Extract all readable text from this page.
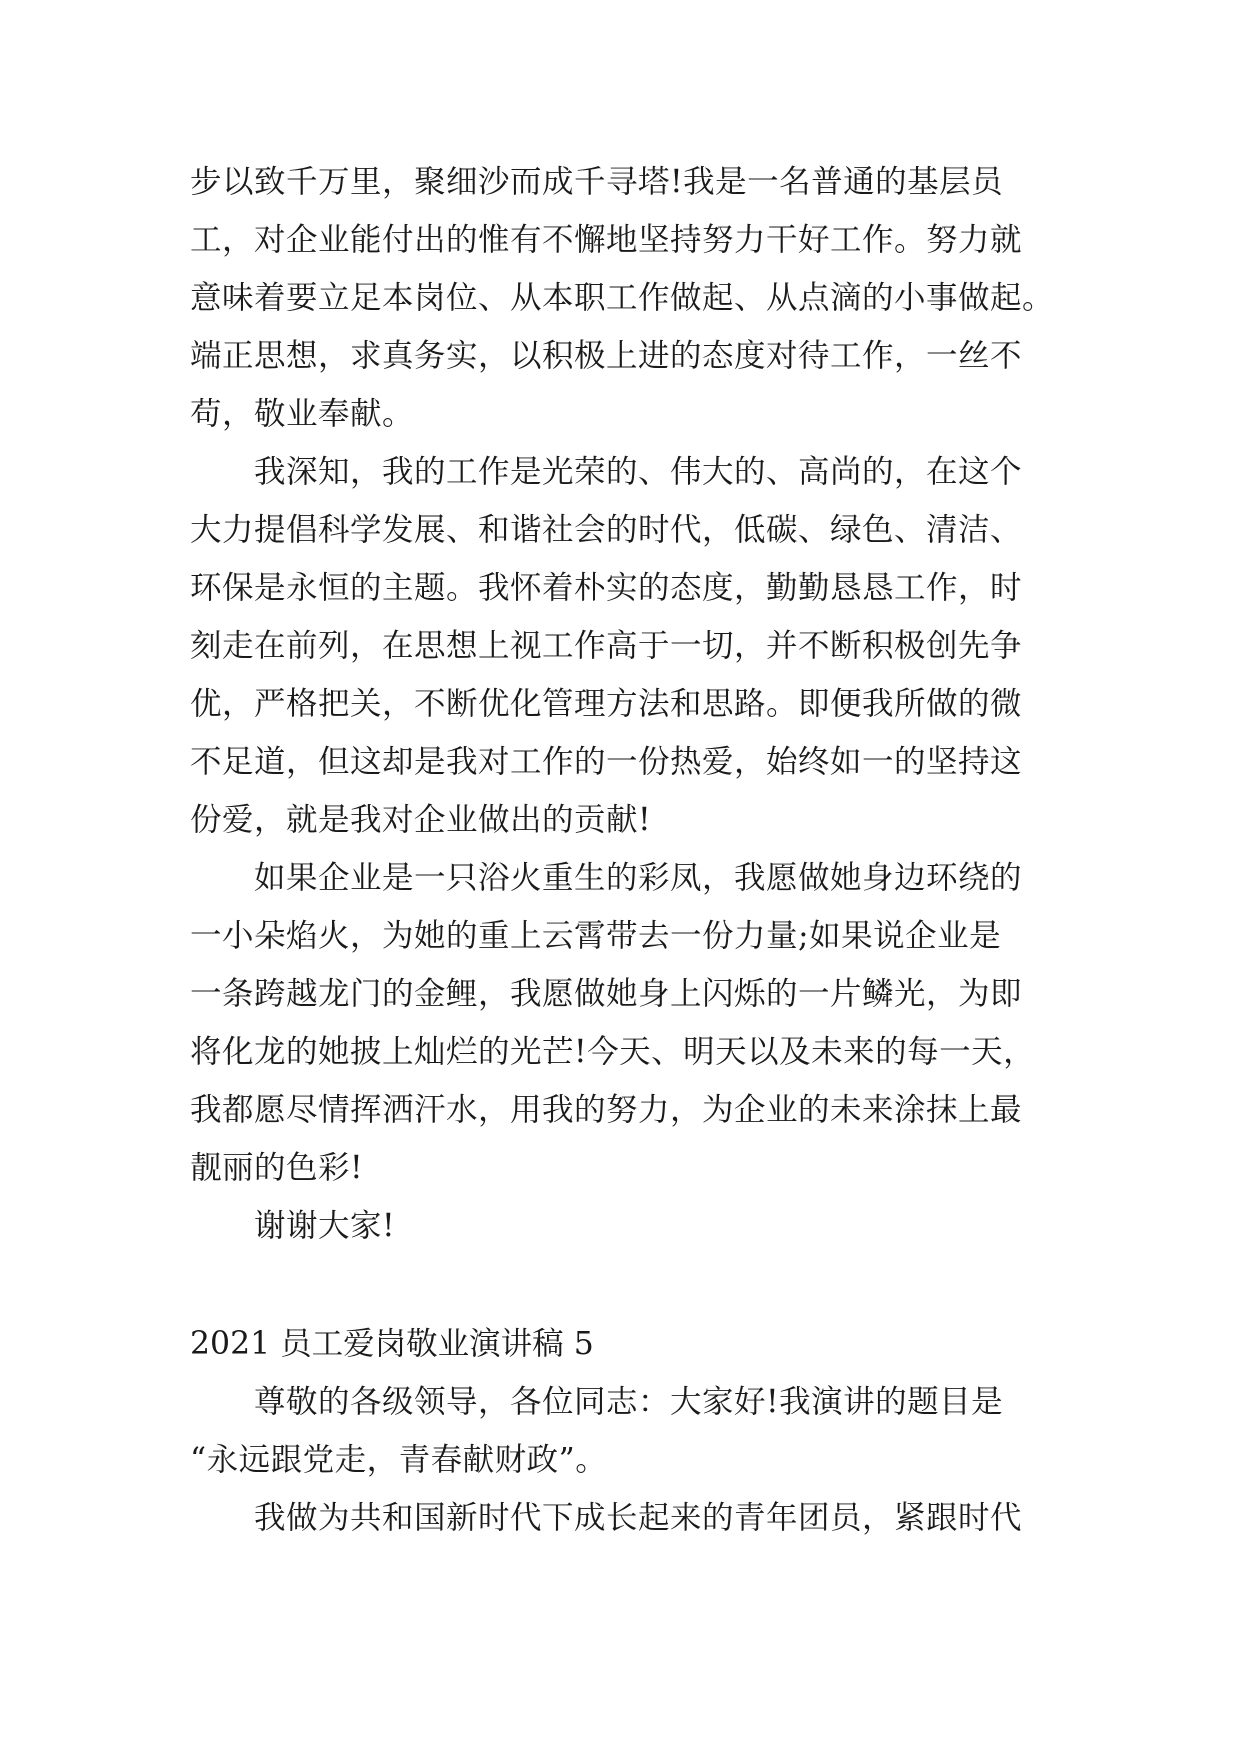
步以致千万里，聚细沙而成千寻塔!我是一名普通的基层员
工，对企业能付出的惟有不懈地坚持努力干好工作。努力就
意味着要立足本岗位、从本职工作做起、从点滴的小事做起。
端正思想，求真务实，以积极上进的态度对待工作，一丝不
苟，敬业奉献。
我深知，我的工作是光荣的、伟大的、高尚的，在这个
大力提倡科学发展、和谐社会的时代，低碳、绿色、清洁、
环保是永恒的主题。我怀着朴实的态度，勤勤恳恳工作，时
刻走在前列，在思想上视工作高于一切，并不断积极创先争
优，严格把关，不断优化管理方法和思路。即便我所做的微
不足道，但这却是我对工作的一份热爱，始终如一的坚持这
份爱，就是我对企业做出的贡献!
如果企业是一只浴火重生的彩凤，我愿做她身边环绕的
一小朵焰火，为她的重上云霄带去一份力量;如果说企业是
一条跨越龙门的金鲤，我愿做她身上闪烁的一片鳞光，为即
将化龙的她披上灿烂的光芒!今天、明天以及未来的每一天，
我都愿尽情挥洒汗水，用我的努力，为企业的未来涂抹上最
靓丽的色彩!
谢谢大家!
2021 员工爱岗敬业演讲稿 5
尊敬的各级领导，各位同志：大家好!我演讲的题目是
“永远跟党走，青春献财政”。
我做为共和国新时代下成长起来的青年团员，紧跟时代
